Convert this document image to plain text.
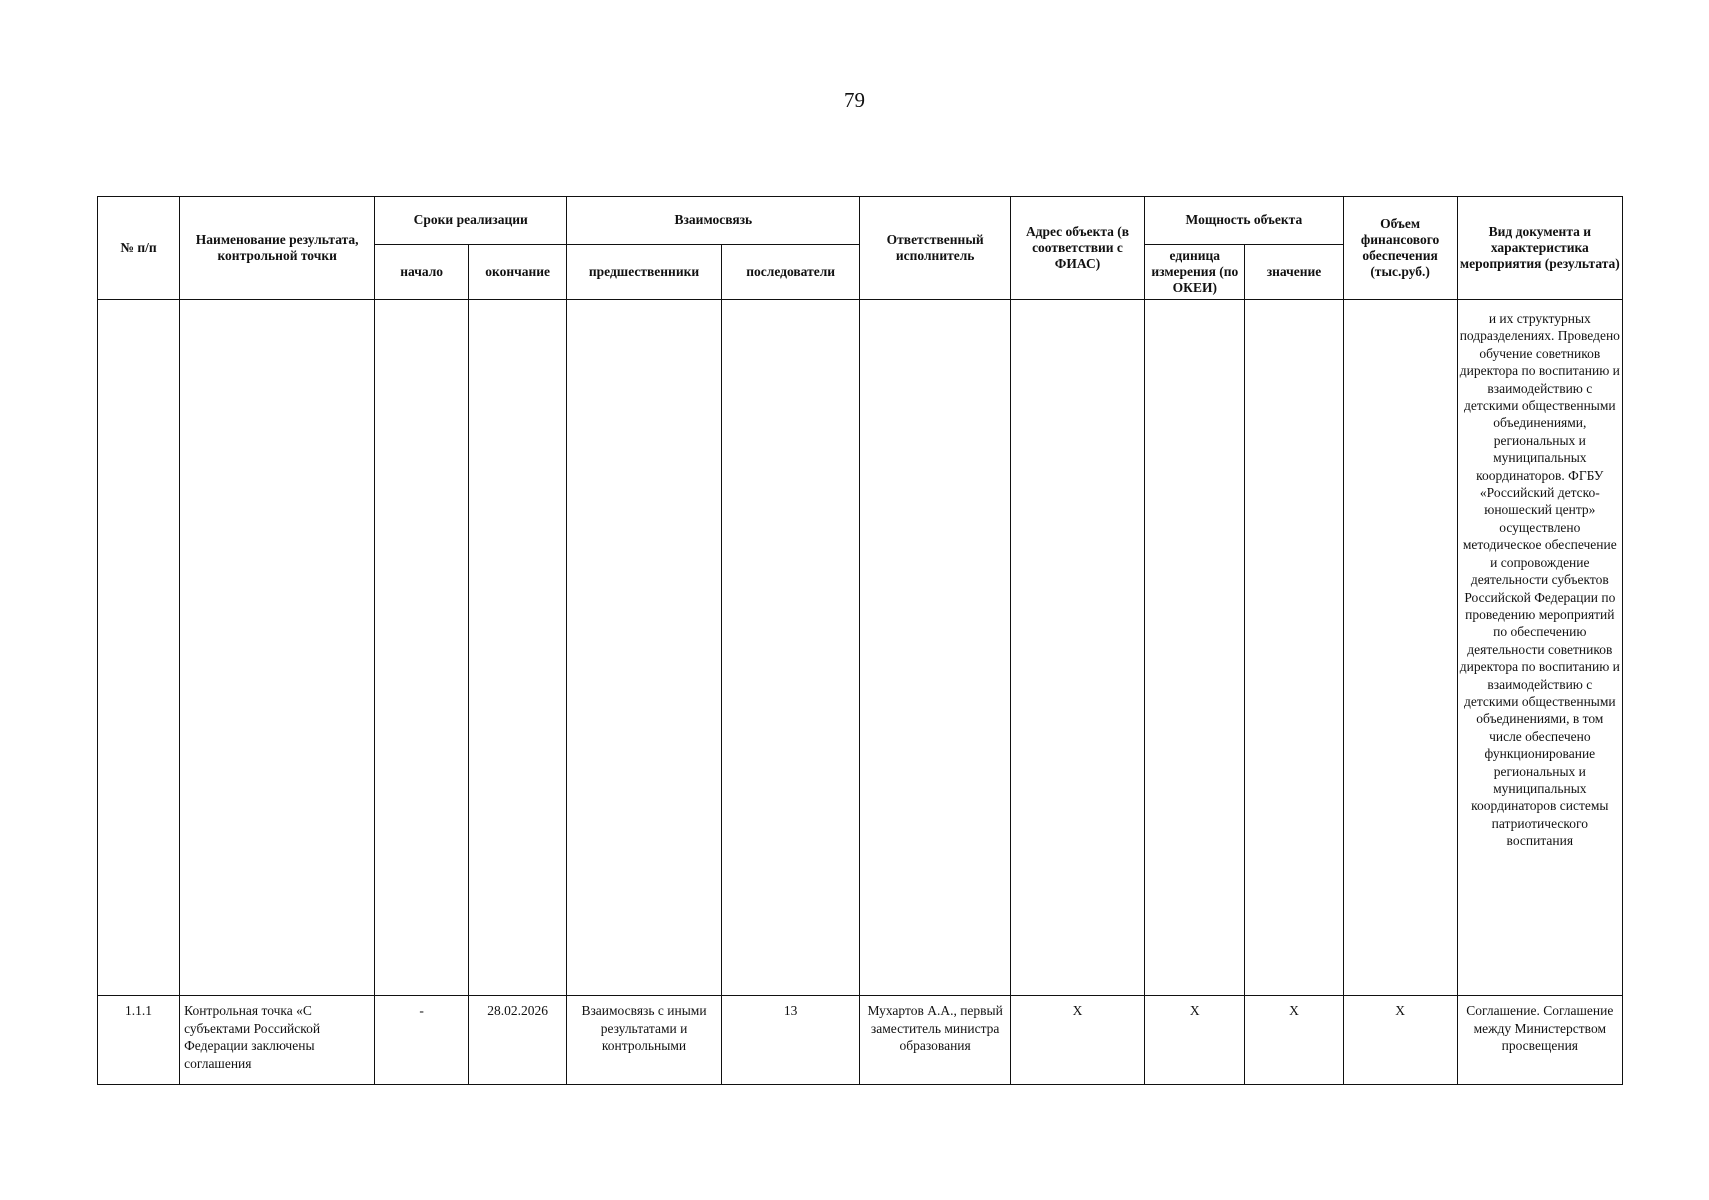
79
№ п/п	Наименование результата, контрольной точки	Сроки реализации		Взаимосвязь		Ответственный исполнитель	Адрес объекта (в соответствии с ФИАС)	Мощность объекта		Объем финансового обеспечения (тыс.руб.)	Вид документа и характеристика мероприятия (результата)
		начало	окончание	предшественники	последователи			единица измерения (по ОКЕИ)	значение		

											и их структурных подразделениях. Проведено обучение советников директора по воспитанию и взаимодействию с детскими общественными объединениями, региональных и муниципальных координаторов. ФГБУ «Российский детско-юношеский центр» осуществлено методическое обеспечение и сопровождение деятельности субъектов Российской Федерации по проведению мероприятий по обеспечению деятельности советников директора по воспитанию и взаимодействию с детскими общественными объединениями, в том числе обеспечено функционирование региональных и муниципальных координаторов системы патриотического воспитания

1.1.1	Контрольная точка «С субъектами Российской Федерации заключены соглашения	-	28.02.2026	Взаимосвязь с иными результатами и контрольными	13	Мухартов А.А., первый заместитель министра образования	X	X	X	X	Соглашение. Соглашение между Министерством просвещения
